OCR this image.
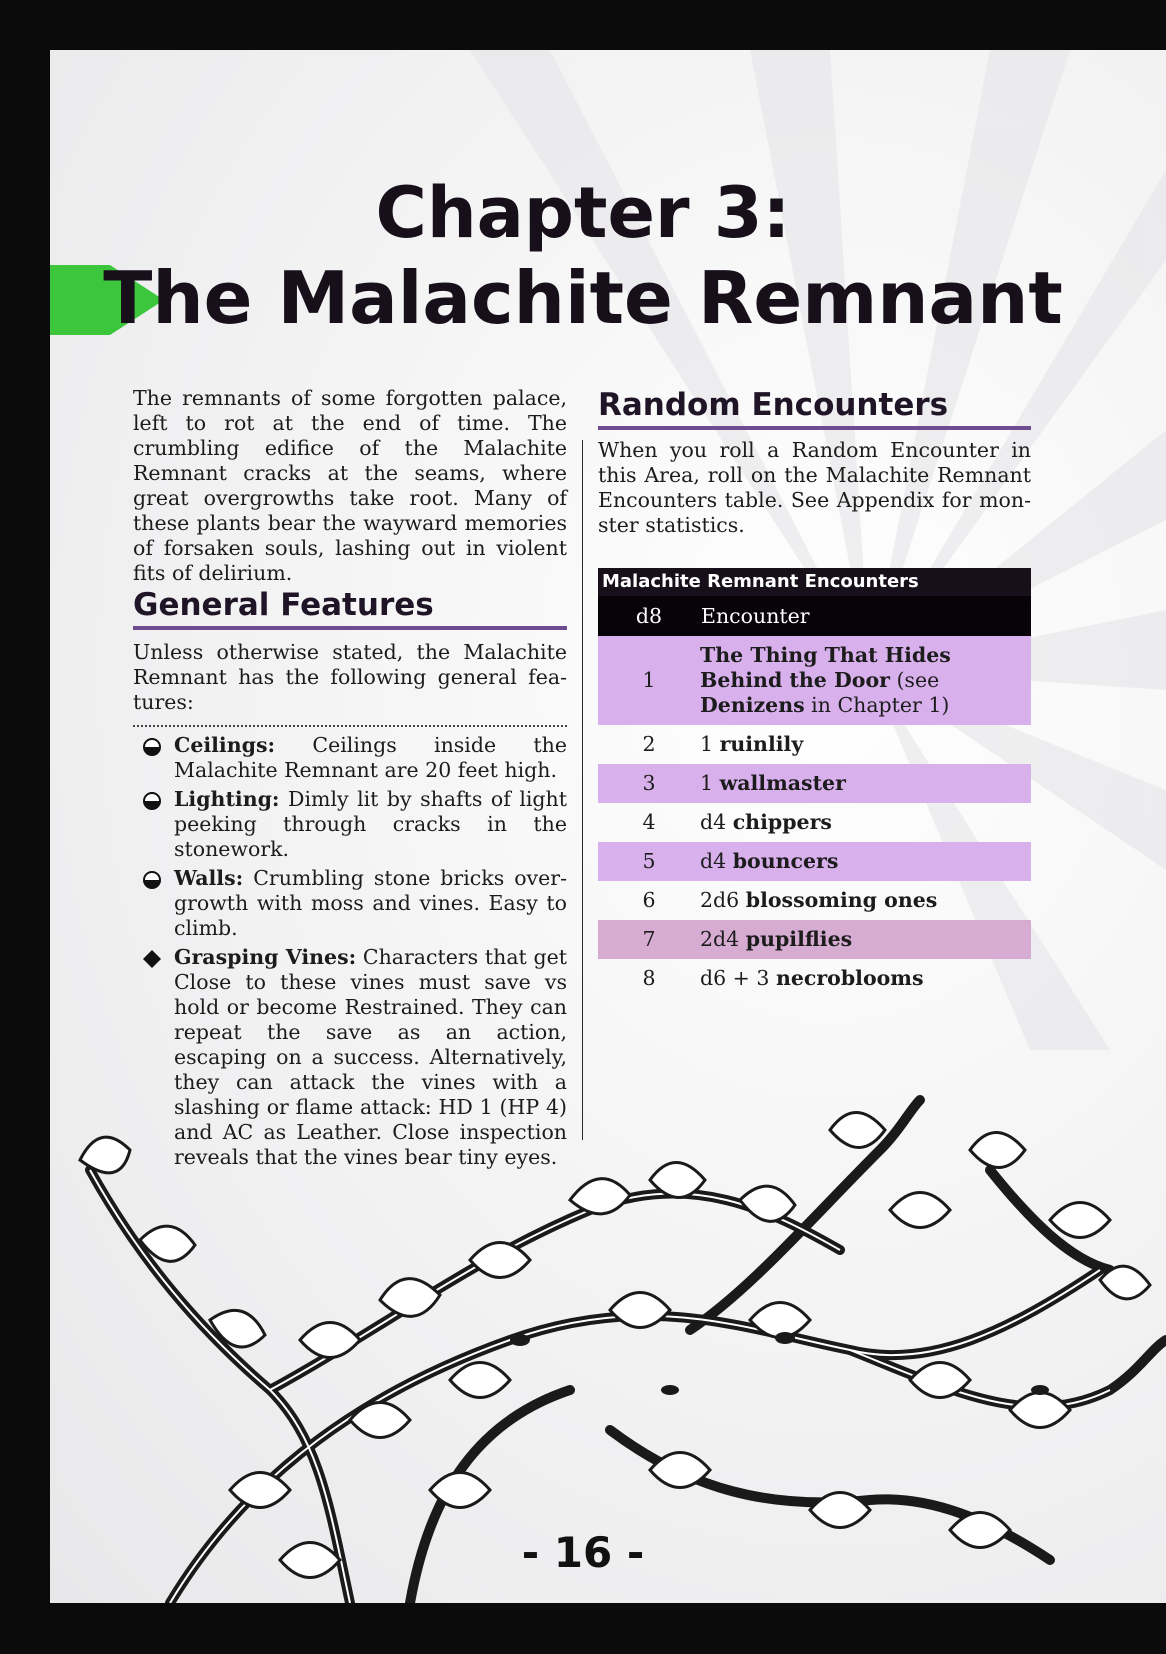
Chapter 3:
The Malachite Remnant

The remnants of some forgotten palace, left to rot at the end of time. The crumbling edifice of the Malachite Remnant cracks at the seams, where great overgrowths take root. Many of these plants bear the wayward memories of forsaken souls, lashing out in violent fits of delirium.

General Features

Unless otherwise stated, the Malachite Remnant has the following general features:

Ceilings: Ceilings inside the Malachite Remnant are 20 feet high.
Lighting: Dimly lit by shafts of light peeking through cracks in the stonework.
Walls: Crumbling stone bricks overgrowth with moss and vines. Easy to climb.
Grasping Vines: Characters that get Close to these vines must save vs hold or become Restrained. They can repeat the save as an action, escaping on a success. Alternatively, they can attack the vines with a slashing or flame attack: HD 1 (HP 4) and AC as Leather. Close inspection reveals that the vines bear tiny eyes.
Random Encounters

When you roll a Random Encounter in this Area, roll on the Malachite Remnant Encounters table. See Appendix for monster statistics.

Malachite Remnant Encounters
d8	Encounter
1	The Thing That Hides Behind the Door (see Denizens in Chapter 1)
2	1 ruinlily
3	1 wallmaster
4	d4 chippers
5	d4 bouncers
6	2d6 blossoming ones
7	2d4 pupilflies
8	d6 + 3 necroblooms
- 16 -
